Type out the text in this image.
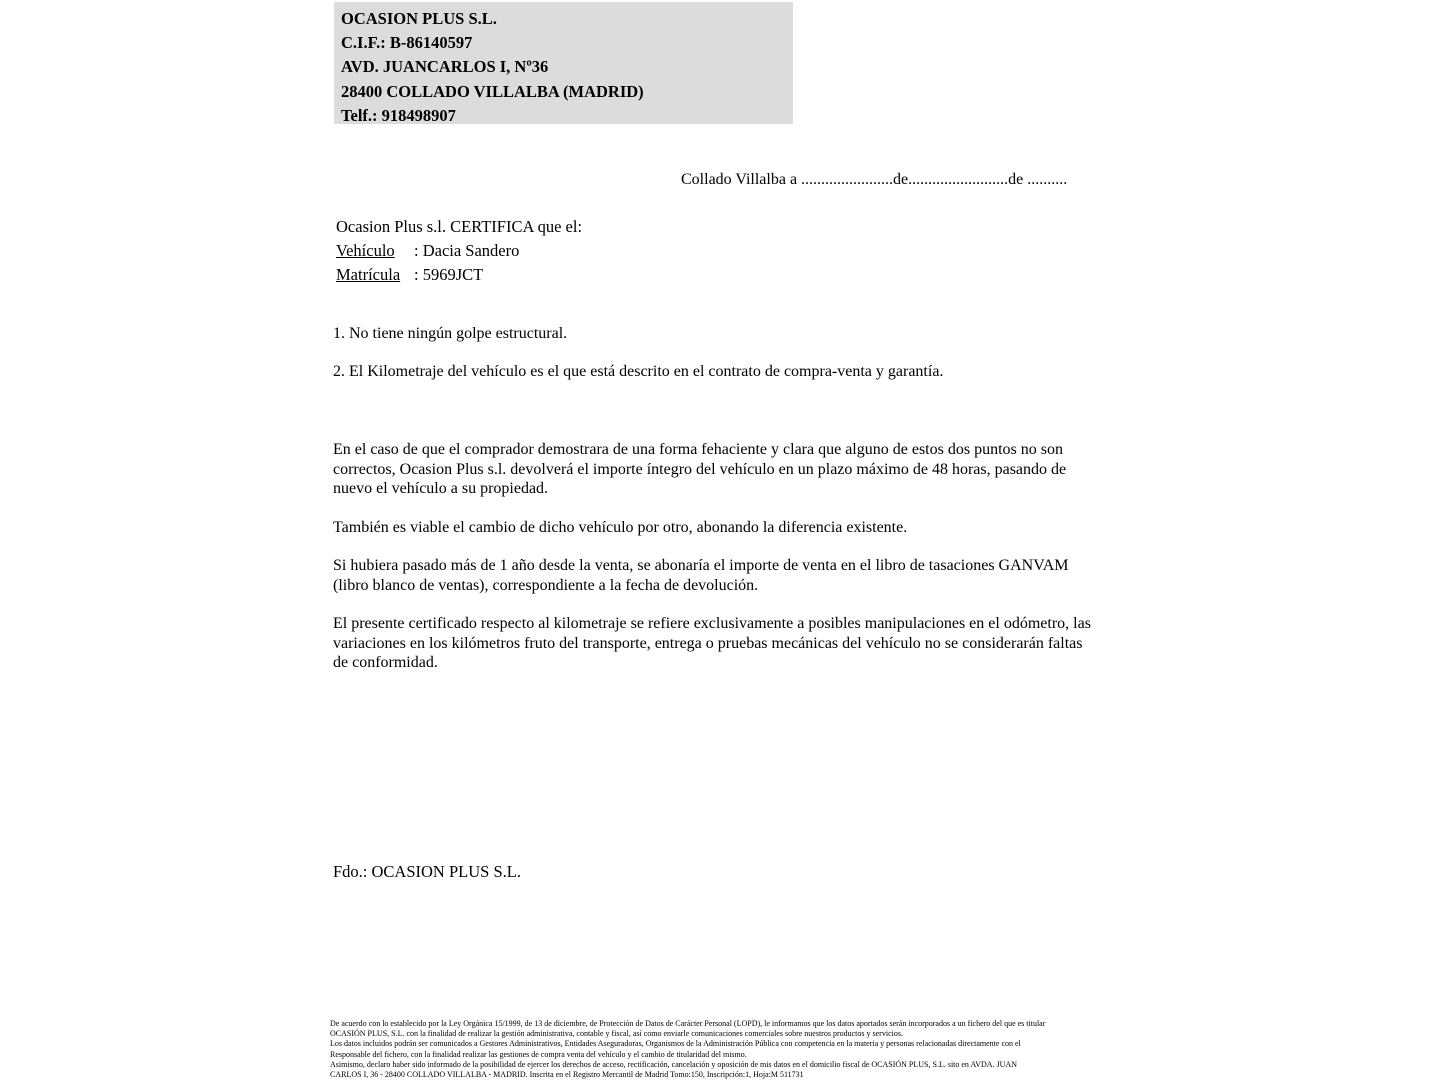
OCASION PLUS S.L.
C.I.F.: B-86140597
AVD. JUANCARLOS I, Nº36
28400 COLLADO VILLALBA (MADRID)
Telf.: 918498907
Collado Villalba a .......................de.........................de ..........
Ocasion Plus s.l. CERTIFICA que el:
Vehículo : Dacia Sandero
Matrícula : 5969JCT

1. No tiene ningún golpe estructural.

2. El Kilometraje del vehículo es el que está descrito en el contrato de compra-venta y garantía.

En el caso de que el comprador demostrara de una forma fehaciente y clara que alguno de estos dos puntos no son correctos, Ocasion Plus s.l. devolverá el importe íntegro del vehículo en un plazo máximo de 48 horas, pasando de nuevo el vehículo a su propiedad.

También es viable el cambio de dicho vehículo por otro, abonando la diferencia existente.

Si hubiera pasado más de 1 año desde la venta, se abonaría el importe de venta en el libro de tasaciones GANVAM (libro blanco de ventas), correspondiente a la fecha de devolución.

El presente certificado respecto al kilometraje se refiere exclusivamente a posibles manipulaciones en el odómetro, las variaciones en los kilómetros fruto del transporte, entrega o pruebas mecánicas del vehículo no se considerarán faltas de conformidad.

Fdo.: OCASION PLUS S.L.
De acuerdo con lo establecido por la Ley Orgánica 15/1999, de 13 de diciembre, de Protección de Datos de Carácter Personal (LOPD), le informamos que los datos aportados serán incorporados a un fichero del que es titular
OCASIÓN PLUS, S.L. con la finalidad de realizar la gestión administrativa, contable y fiscal, así como enviarle comunicaciones comerciales sobre nuestros productos y servicios.
Los datos incluidos podrán ser comunicados a Gestores Administrativos, Entidades Aseguradoras, Organismos de la Administración Pública con competencia en la materia y personas relacionadas directamente con el
Responsable del fichero, con la finalidad realizar las gestiones de compra venta del vehículo y el cambio de titularidad del mismo.
Asimismo, declaro haber sido informado de la posibilidad de ejercer los derechos de acceso, rectificación, cancelación y oposición de mis datos en el domicilio fiscal de OCASIÓN PLUS, S.L. sito en AVDA. JUAN
CARLOS I, 36 - 28400 COLLADO VILLALBA - MADRID. Inscrita en el Registro Mercantil de Madrid Tomo:150, Inscripción:1, Hoja:M 511731
